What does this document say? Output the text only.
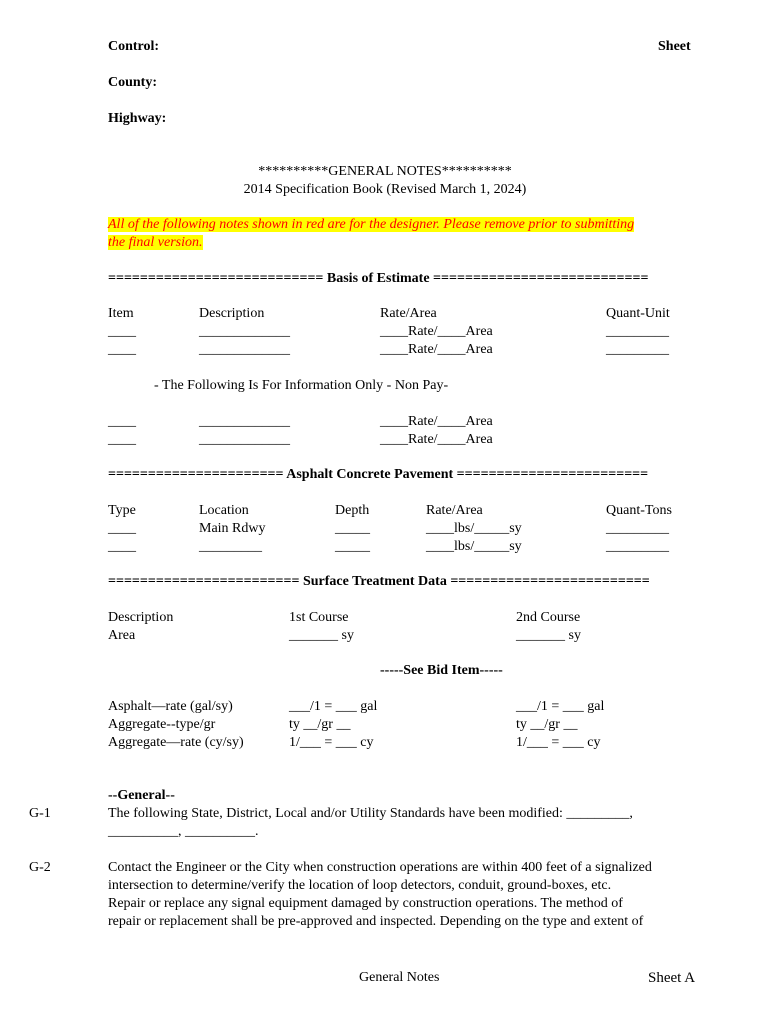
Control:	Sheet
County:
Highway:
**********GENERAL NOTES**********
2014 Specification Book (Revised March 1, 2024)
All of the following notes shown in red are for the designer. Please remove prior to submitting
the final version.
=========================== Basis of Estimate ===========================
Item	Description	Rate/Area	Quant-Unit
____	_____________	____Rate/____Area	_________
____	_____________	____Rate/____Area	_________
- The Following Is For Information Only - Non Pay-
____	_____________	____Rate/____Area
____	_____________	____Rate/____Area
====================== Asphalt Concrete Pavement ========================
Type	Location	Depth	Rate/Area	Quant-Tons
____	Main Rdwy	_____	____lbs/_____sy	_________
____	_________	_____	____lbs/_____sy	_________
======================== Surface Treatment Data =========================
Description	1st Course	2nd Course
Area	_______ sy	_______ sy
-----See Bid Item-----
Asphalt—rate (gal/sy)	___/1 = ___ gal	___/1 = ___ gal
Aggregate--type/gr	ty __/gr __	ty __/gr __
Aggregate—rate (cy/sy)	1/___ = ___ cy	1/___ = ___ cy
--General--
G-1	The following State, District, Local and/or Utility Standards have been modified: _________,
__________, __________.
G-2	Contact the Engineer or the City when construction operations are within 400 feet of a signalized
intersection to determine/verify the location of loop detectors, conduit, ground-boxes, etc.
Repair or replace any signal equipment damaged by construction operations. The method of
repair or replacement shall be pre-approved and inspected. Depending on the type and extent of
General Notes	Sheet A
